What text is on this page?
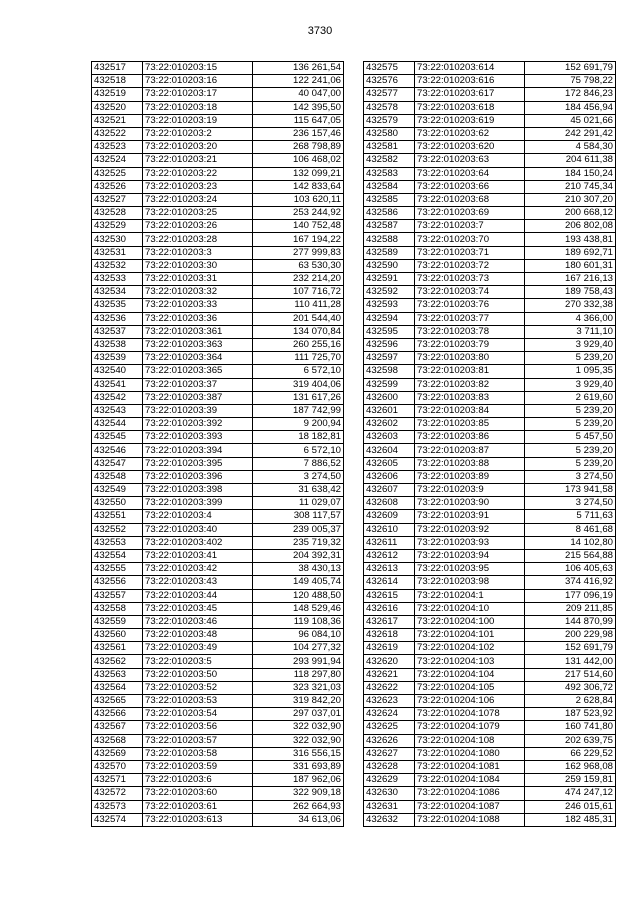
3730
432517	73:22:010203:15	136 261,54
432518	73:22:010203:16	122 241,06
432519	73:22:010203:17	40 047,00
432520	73:22:010203:18	142 395,50
432521	73:22:010203:19	115 647,05
432522	73:22:010203:2	236 157,46
432523	73:22:010203:20	268 798,89
432524	73:22:010203:21	106 468,02
432525	73:22:010203:22	132 099,21
432526	73:22:010203:23	142 833,64
432527	73:22:010203:24	103 620,11
432528	73:22:010203:25	253 244,92
432529	73:22:010203:26	140 752,48
432530	73:22:010203:28	167 194,22
432531	73:22:010203:3	277 999,83
432532	73:22:010203:30	63 530,30
432533	73:22:010203:31	232 214,20
432534	73:22:010203:32	107 716,72
432535	73:22:010203:33	110 411,28
432536	73:22:010203:36	201 544,40
432537	73:22:010203:361	134 070,84
432538	73:22:010203:363	260 255,16
432539	73:22:010203:364	111 725,70
432540	73:22:010203:365	6 572,10
432541	73:22:010203:37	319 404,06
432542	73:22:010203:387	131 617,26
432543	73:22:010203:39	187 742,99
432544	73:22:010203:392	9 200,94
432545	73:22:010203:393	18 182,81
432546	73:22:010203:394	6 572,10
432547	73:22:010203:395	7 886,52
432548	73:22:010203:396	3 274,50
432549	73:22:010203:398	31 638,42
432550	73:22:010203:399	11 029,07
432551	73:22:010203:4	308 117,57
432552	73:22:010203:40	239 005,37
432553	73:22:010203:402	235 719,32
432554	73:22:010203:41	204 392,31
432555	73:22:010203:42	38 430,13
432556	73:22:010203:43	149 405,74
432557	73:22:010203:44	120 488,50
432558	73:22:010203:45	148 529,46
432559	73:22:010203:46	119 108,36
432560	73:22:010203:48	96 084,10
432561	73:22:010203:49	104 277,32
432562	73:22:010203:5	293 991,94
432563	73:22:010203:50	118 297,80
432564	73:22:010203:52	323 321,03
432565	73:22:010203:53	319 842,20
432566	73:22:010203:54	297 037,01
432567	73:22:010203:56	322 032,90
432568	73:22:010203:57	322 032,90
432569	73:22:010203:58	316 556,15
432570	73:22:010203:59	331 693,89
432571	73:22:010203:6	187 962,06
432572	73:22:010203:60	322 909,18
432573	73:22:010203:61	262 664,93
432574	73:22:010203:613	34 613,06
432575	73:22:010203:614	152 691,79
432576	73:22:010203:616	75 798,22
432577	73:22:010203:617	172 846,23
432578	73:22:010203:618	184 456,94
432579	73:22:010203:619	45 021,66
432580	73:22:010203:62	242 291,42
432581	73:22:010203:620	4 584,30
432582	73:22:010203:63	204 611,38
432583	73:22:010203:64	184 150,24
432584	73:22:010203:66	210 745,34
432585	73:22:010203:68	210 307,20
432586	73:22:010203:69	200 668,12
432587	73:22:010203:7	206 802,08
432588	73:22:010203:70	193 438,81
432589	73:22:010203:71	189 692,71
432590	73:22:010203:72	180 601,31
432591	73:22:010203:73	167 216,13
432592	73:22:010203:74	189 758,43
432593	73:22:010203:76	270 332,38
432594	73:22:010203:77	4 366,00
432595	73:22:010203:78	3 711,10
432596	73:22:010203:79	3 929,40
432597	73:22:010203:80	5 239,20
432598	73:22:010203:81	1 095,35
432599	73:22:010203:82	3 929,40
432600	73:22:010203:83	2 619,60
432601	73:22:010203:84	5 239,20
432602	73:22:010203:85	5 239,20
432603	73:22:010203:86	5 457,50
432604	73:22:010203:87	5 239,20
432605	73:22:010203:88	5 239,20
432606	73:22:010203:89	3 274,50
432607	73:22:010203:9	173 941,58
432608	73:22:010203:90	3 274,50
432609	73:22:010203:91	5 711,63
432610	73:22:010203:92	8 461,68
432611	73:22:010203:93	14 102,80
432612	73:22:010203:94	215 564,88
432613	73:22:010203:95	106 405,63
432614	73:22:010203:98	374 416,92
432615	73:22:010204:1	177 096,19
432616	73:22:010204:10	209 211,85
432617	73:22:010204:100	144 870,99
432618	73:22:010204:101	200 229,98
432619	73:22:010204:102	152 691,79
432620	73:22:010204:103	131 442,00
432621	73:22:010204:104	217 514,60
432622	73:22:010204:105	492 306,72
432623	73:22:010204:106	2 628,84
432624	73:22:010204:1078	187 523,92
432625	73:22:010204:1079	160 741,80
432626	73:22:010204:108	202 639,75
432627	73:22:010204:1080	66 229,52
432628	73:22:010204:1081	162 968,08
432629	73:22:010204:1084	259 159,81
432630	73:22:010204:1086	474 247,12
432631	73:22:010204:1087	246 015,61
432632	73:22:010204:1088	182 485,31
